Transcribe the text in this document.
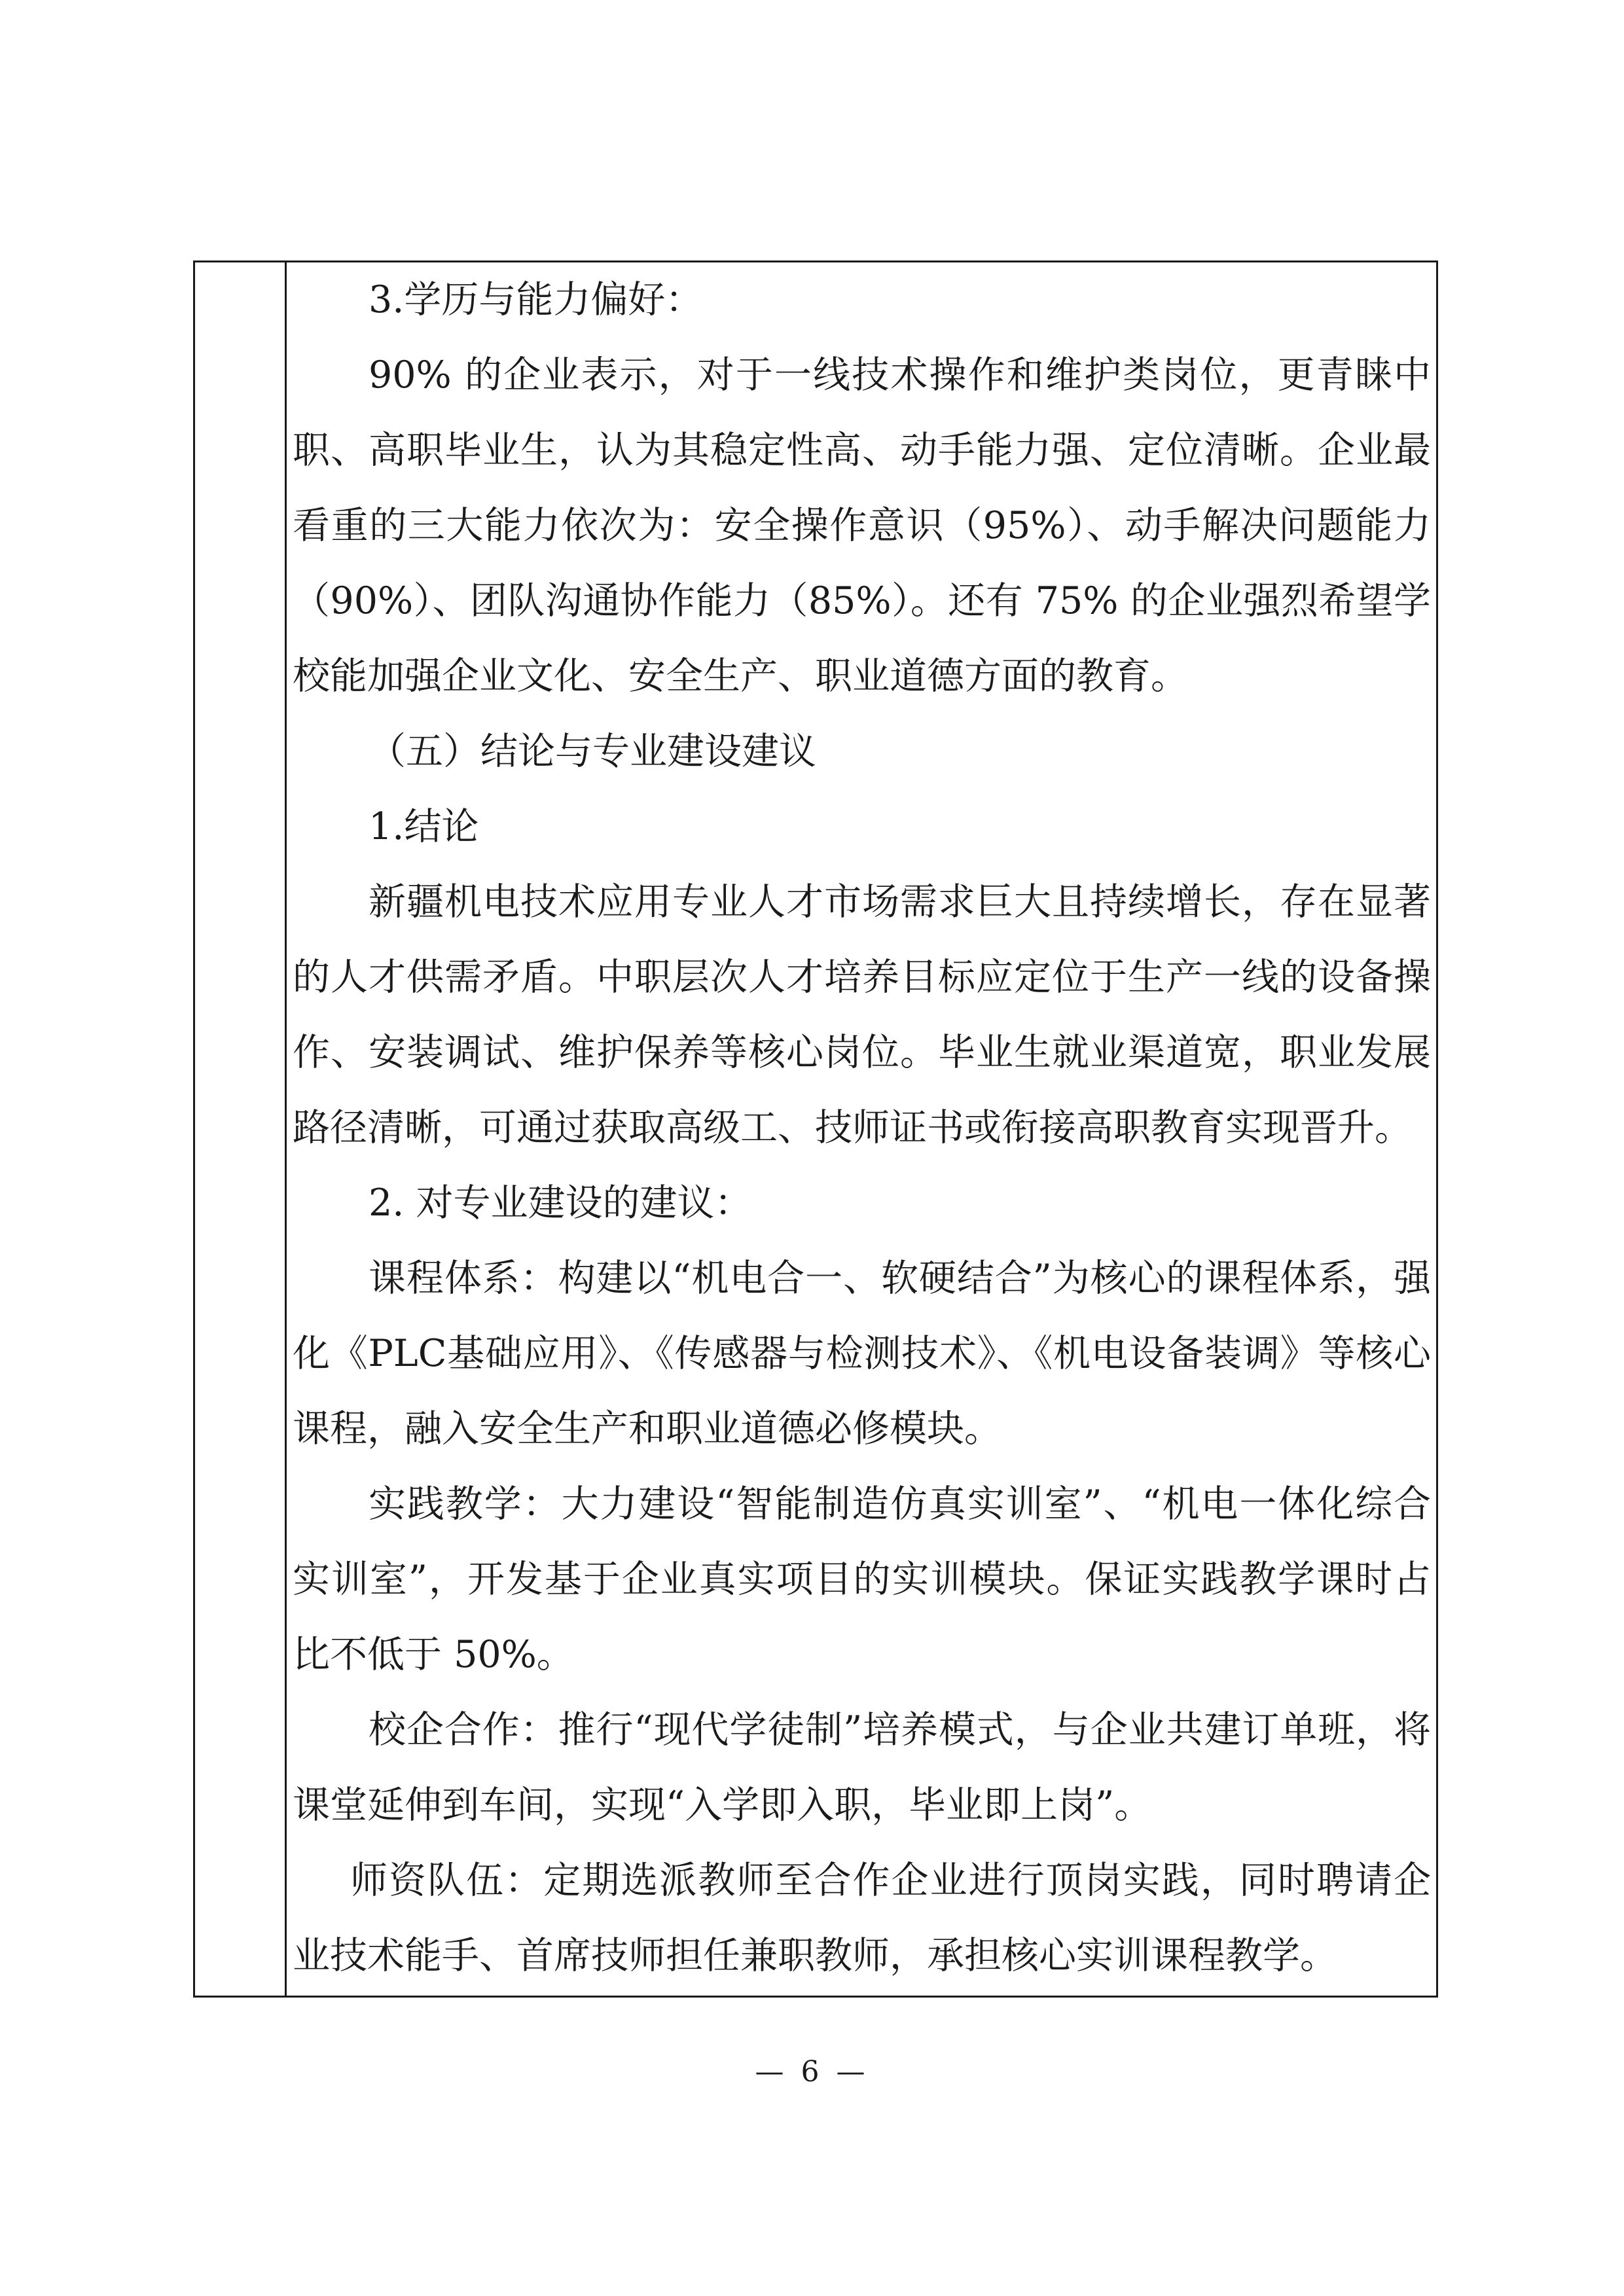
3.学历与能力偏好：

90% 的企业表示，对于一线技术操作和维护类岗位，更青睐中职、高职毕业生，认为其稳定性高、动手能力强、定位清晰。企业最看重的三大能力依次为：安全操作意识（95%）、动手解决问题能力（90%）、团队沟通协作能力（85%）。还有 75% 的企业强烈希望学校能加强企业文化、安全生产、职业道德方面的教育。

（五）结论与专业建设建议

1.结论

新疆机电技术应用专业人才市场需求巨大且持续增长，存在显著的人才供需矛盾。中职层次人才培养目标应定位于生产一线的设备操作、安装调试、维护保养等核心岗位。毕业生就业渠道宽，职业发展路径清晰，可通过获取高级工、技师证书或衔接高职教育实现晋升。

2. 对专业建设的建议：

课程体系：构建以“机电合一、软硬结合”为核心的课程体系，强化《PLC基础应用》、《传感器与检测技术》、《机电设备装调》等核心课程，融入安全生产和职业道德必修模块。

实践教学：大力建设“智能制造仿真实训室”、“机电一体化综合实训室”，开发基于企业真实项目的实训模块。保证实践教学课时占比不低于 50%。

校企合作：推行“现代学徒制”培养模式，与企业共建订单班，将课堂延伸到车间，实现“入学即入职，毕业即上岗”。

师资队伍：定期选派教师至合作企业进行顶岗实践，同时聘请企业技术能手、首席技师担任兼职教师，承担核心实训课程教学。

— 6 —
